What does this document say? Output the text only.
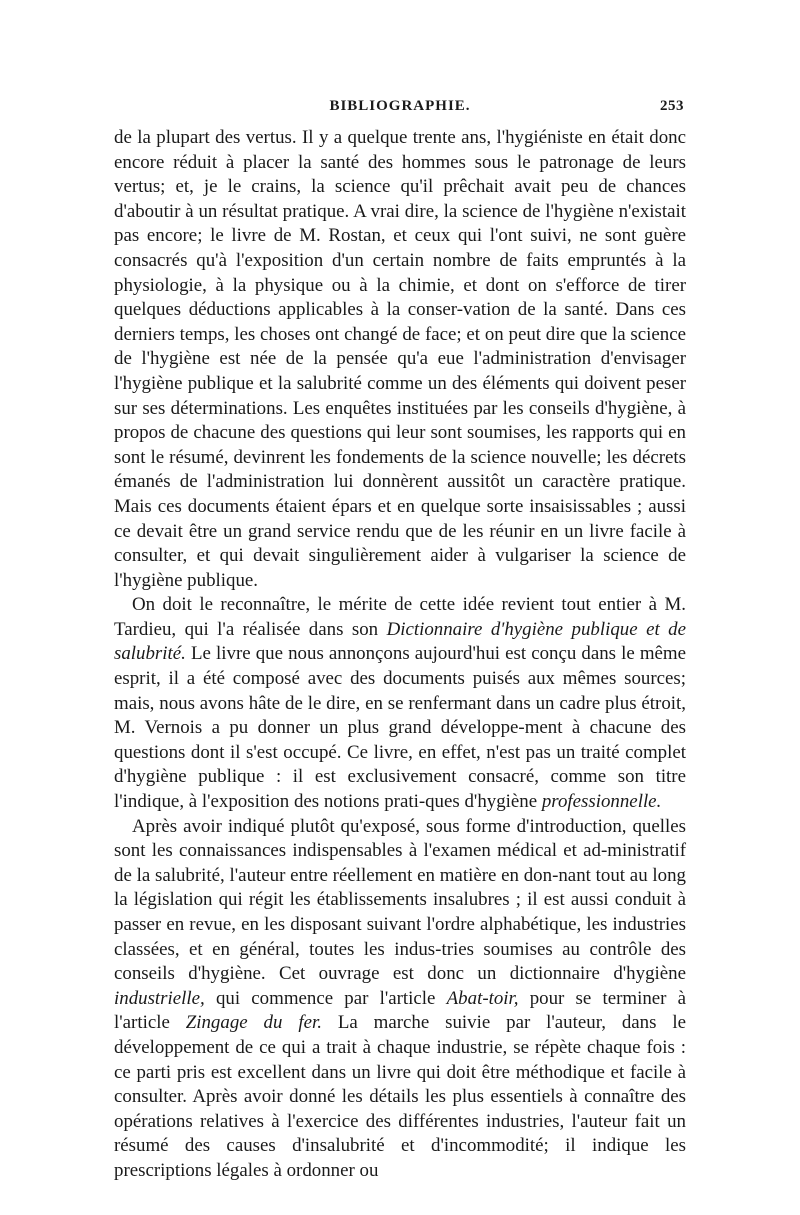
BIBLIOGRAPHIE.	253

de la plupart des vertus. Il y a quelque trente ans, l'hygiéniste en était donc encore réduit à placer la santé des hommes sous le patronage de leurs vertus; et, je le crains, la science qu'il prêchait avait peu de chances d'aboutir à un résultat pratique. A vrai dire, la science de l'hygiène n'existait pas encore; le livre de M. Rostan, et ceux qui l'ont suivi, ne sont guère consacrés qu'à l'exposition d'un certain nombre de faits empruntés à la physiologie, à la physique ou à la chimie, et dont on s'efforce de tirer quelques déductions applicables à la conser-vation de la santé. Dans ces derniers temps, les choses ont changé de face; et on peut dire que la science de l'hygiène est née de la pensée qu'a eue l'administration d'envisager l'hygiène publique et la salubrité comme un des éléments qui doivent peser sur ses déterminations. Les enquêtes instituées par les conseils d'hygiène, à propos de chacune des questions qui leur sont soumises, les rapports qui en sont le résumé, devinrent les fondements de la science nouvelle; les décrets émanés de l'administration lui donnèrent aussitôt un caractère pratique. Mais ces documents étaient épars et en quelque sorte insaisissables ; aussi ce devait être un grand service rendu que de les réunir en un livre facile à consulter, et qui devait singulièrement aider à vulgariser la science de l'hygiène publique.

On doit le reconnaître, le mérite de cette idée revient tout entier à M. Tardieu, qui l'a réalisée dans son Dictionnaire d'hygiène publique et de salubrité. Le livre que nous annonçons aujourd'hui est conçu dans le même esprit, il a été composé avec des documents puisés aux mêmes sources; mais, nous avons hâte de le dire, en se renfermant dans un cadre plus étroit, M. Vernois a pu donner un plus grand développe-ment à chacune des questions dont il s'est occupé. Ce livre, en effet, n'est pas un traité complet d'hygiène publique : il est exclusivement consacré, comme son titre l'indique, à l'exposition des notions prati-ques d'hygiène professionnelle.

Après avoir indiqué plutôt qu'exposé, sous forme d'introduction, quelles sont les connaissances indispensables à l'examen médical et ad-ministratif de la salubrité, l'auteur entre réellement en matière en don-nant tout au long la législation qui régit les établissements insalubres ; il est aussi conduit à passer en revue, en les disposant suivant l'ordre alphabétique, les industries classées, et en général, toutes les indus-tries soumises au contrôle des conseils d'hygiène. Cet ouvrage est donc un dictionnaire d'hygiène industrielle, qui commence par l'article Abat-toir, pour se terminer à l'article Zingage du fer. La marche suivie par l'auteur, dans le développement de ce qui a trait à chaque industrie, se répète chaque fois : ce parti pris est excellent dans un livre qui doit être méthodique et facile à consulter. Après avoir donné les détails les plus essentiels à connaître des opérations relatives à l'exercice des différentes industries, l'auteur fait un résumé des causes d'insalubrité et d'incommodité; il indique les prescriptions légales à ordonner ou
